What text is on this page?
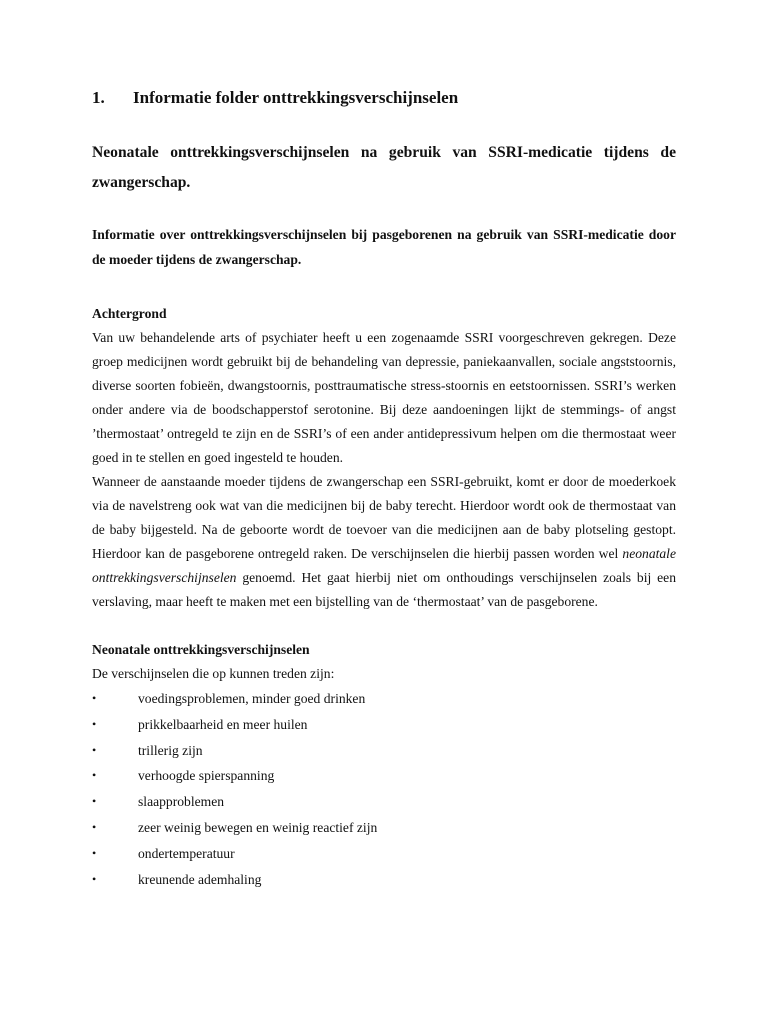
1.	Informatie folder onttrekkingsverschijnselen

Neonatale onttrekkingsverschijnselen na gebruik van SSRI-medicatie tijdens de zwangerschap.

Informatie over onttrekkingsverschijnselen bij pasgeborenen na gebruik van SSRI-medicatie door de moeder tijdens de zwangerschap.

Achtergrond

Van uw behandelende arts of psychiater heeft u een zogenaamde SSRI voorgeschreven gekregen. Deze groep medicijnen wordt gebruikt bij de behandeling van depressie, paniekaanvallen, sociale angststoornis, diverse soorten fobieën, dwangstoornis, posttraumatische stress-stoornis en eetstoornissen. SSRI’s werken onder andere via de boodschapperstof serotonine. Bij deze aandoeningen lijkt de stemmings- of angst ’thermostaat’ ontregeld te zijn en de SSRI’s of een ander antidepressivum helpen om die thermostaat weer goed in te stellen en goed ingesteld te houden.

Wanneer de aanstaande moeder tijdens de zwangerschap een SSRI-gebruikt, komt er door de moederkoek via de navelstreng ook wat van die medicijnen bij de baby terecht. Hierdoor wordt ook de thermostaat van de baby bijgesteld. Na de geboorte wordt de toevoer van die medicijnen aan de baby plotseling gestopt. Hierdoor kan de pasgeborene ontregeld raken. De verschijnselen die hierbij passen worden wel neonatale onttrekkingsverschijnselen genoemd. Het gaat hierbij niet om onthoudings verschijnselen zoals bij een verslaving, maar heeft te maken met een bijstelling van de ‘thermostaat’ van de pasgeborene.

Neonatale onttrekkingsverschijnselen

De verschijnselen die op kunnen treden zijn:

•	voedingsproblemen, minder goed drinken
•	prikkelbaarheid en meer huilen
•	trillerig zijn
•	verhoogde spierspanning
•	slaapproblemen
•	zeer weinig bewegen en weinig reactief zijn
•	ondertemperatuur
•	kreunende ademhaling
